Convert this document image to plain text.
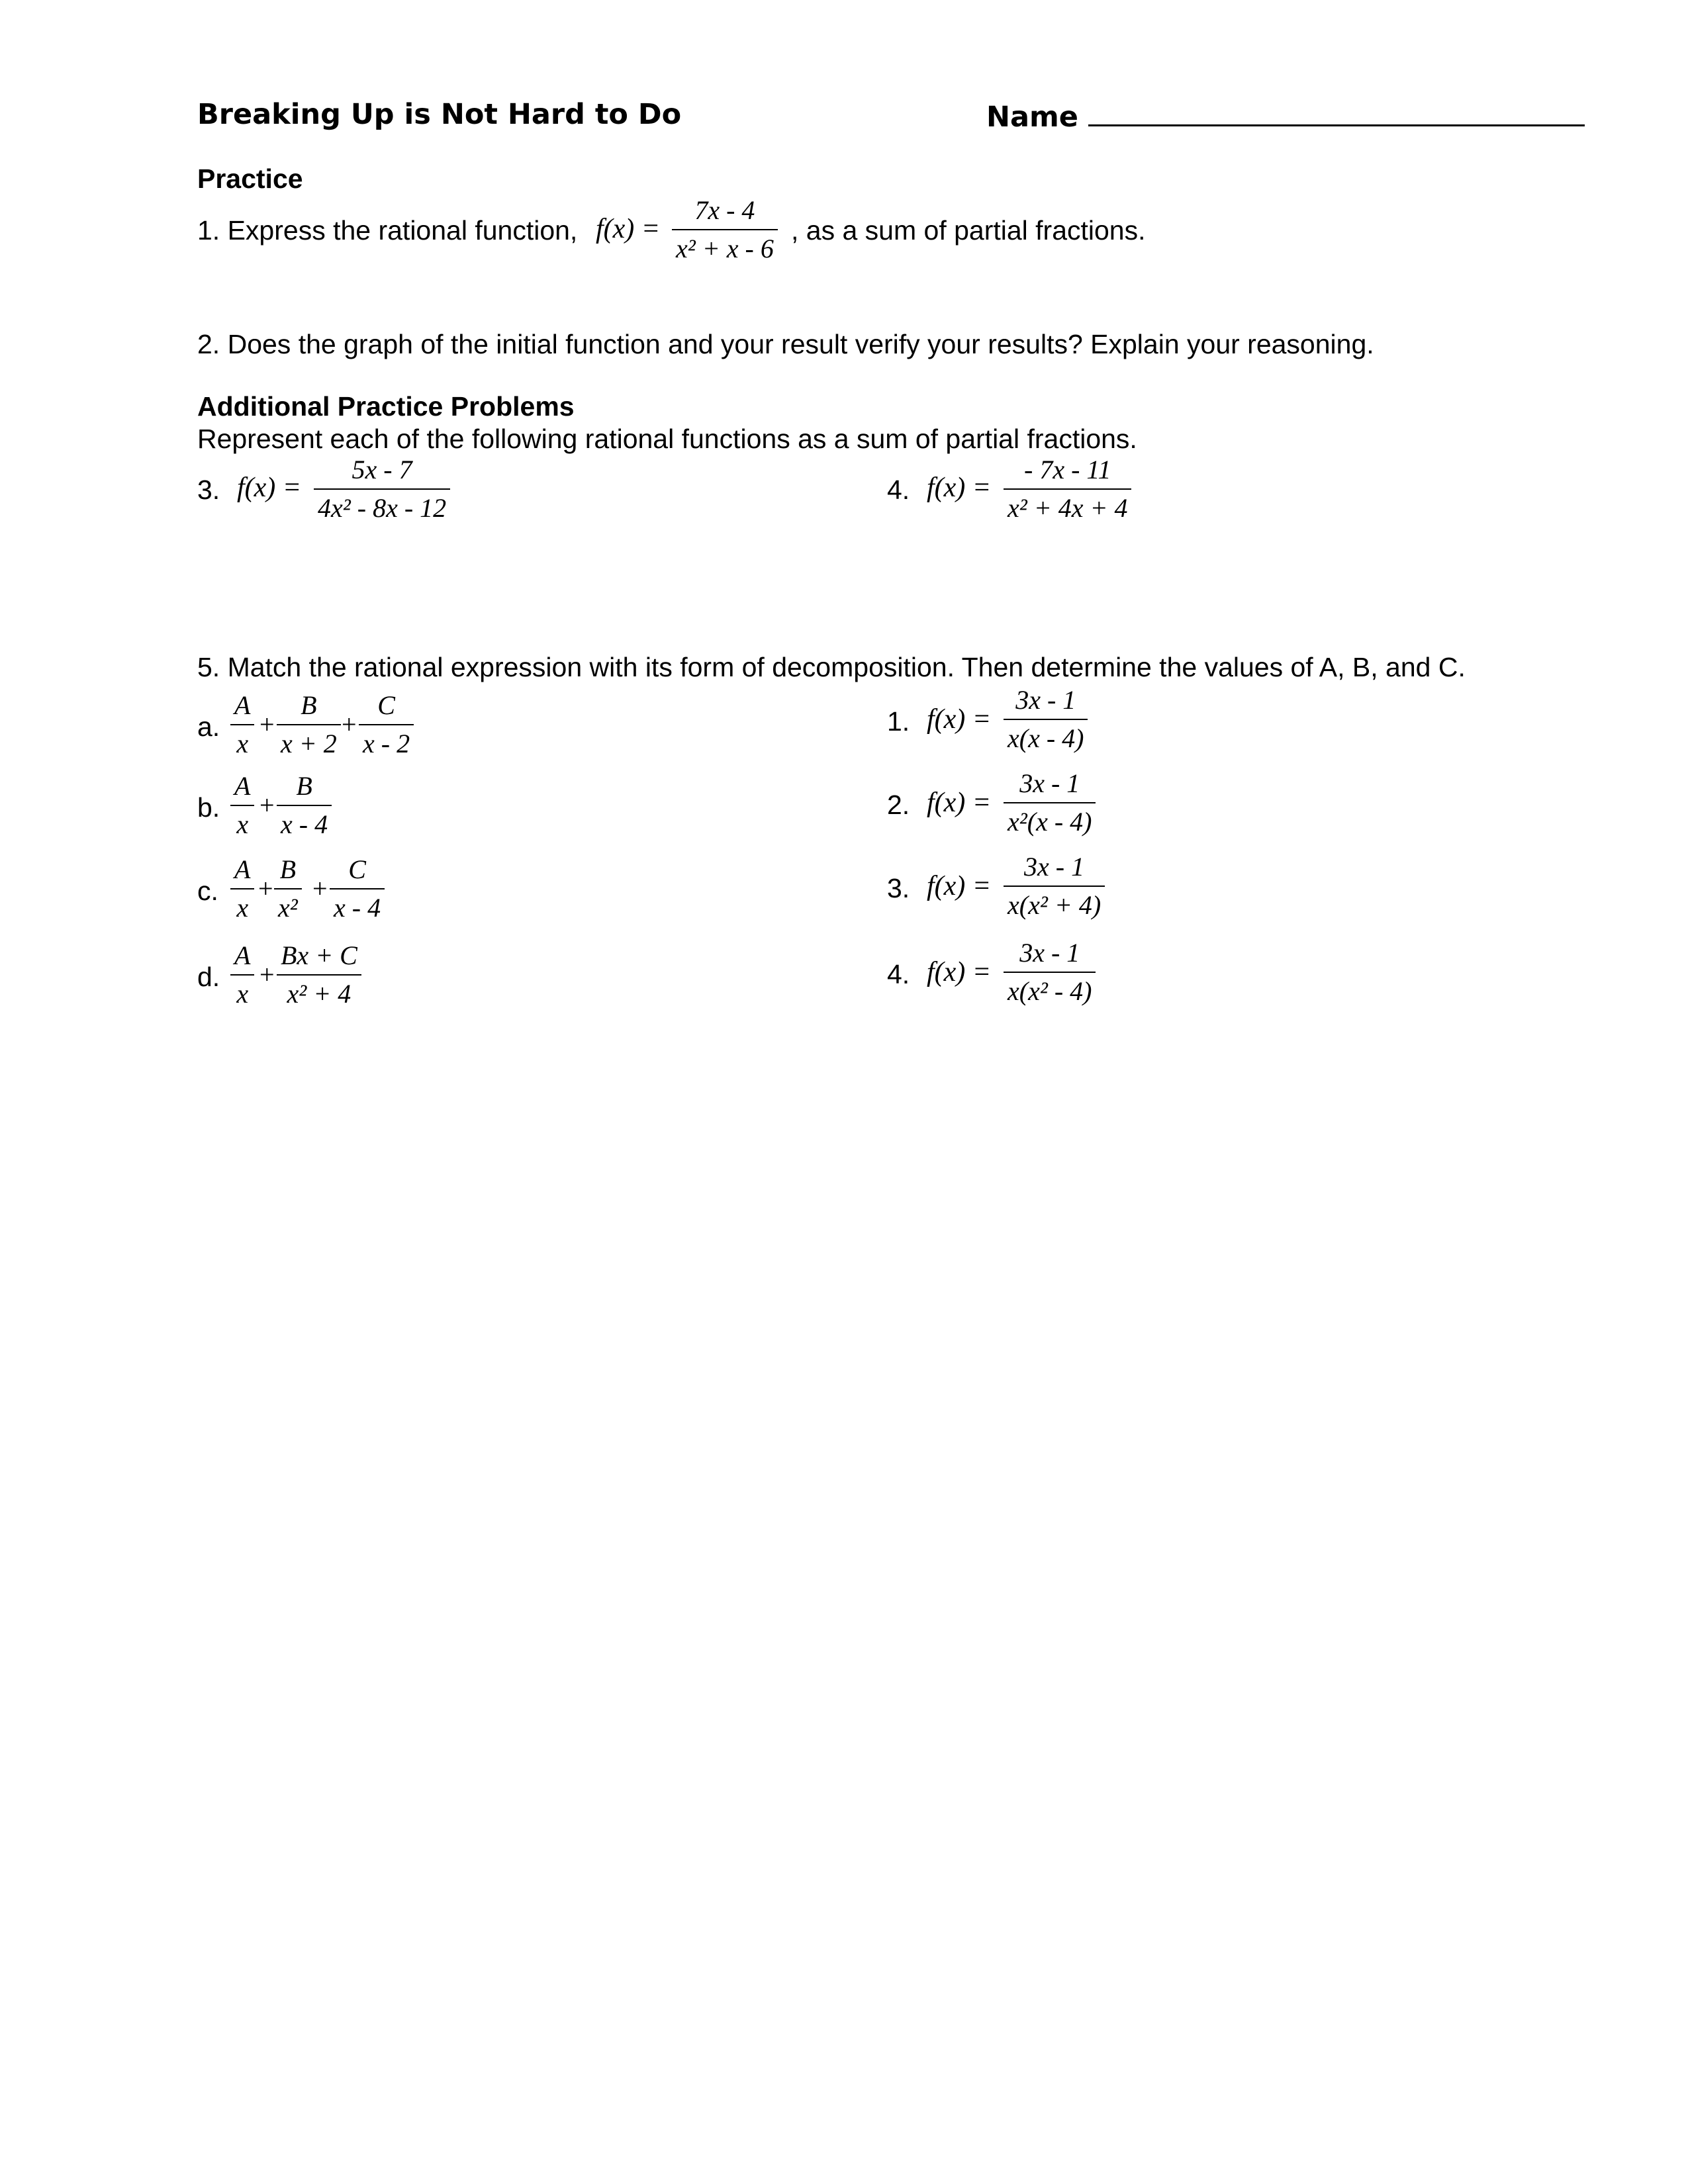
Breaking Up is Not Hard to Do	Name
Practice
1. Express the rational function, $f(x) = \frac{7x - 4}{\text{x² + x - 6}}$ , as a sum of partial fractions.
2. Does the graph of the initial function and your result verify your results? Explain your reasoning.
Additional Practice Problems
Represent each of the following rational functions as a sum of partial fractions.
3. $f(x) = \frac{5x - 7}{\text{4x² - 8x - 12}}$	4. $f(x) = \frac{- 7x - 11}{\text{x² + 4x + 4}}$
5. Match the rational expression with its form of decomposition. Then determine the values of A, B, and C.
a. $\frac{A}{x} + \frac{B}{x + 2} + \frac{C}{x - 2}$
b. $\frac{A}{x} + \frac{B}{x - 4}$
c. $\frac{A}{x} + \frac{B}{\text{x²}} + \frac{C}{x - 4}$
d. $\frac{A}{x} + \frac{Bx + C}{\text{x² + 4}}$
1. $f(x) = \frac{3x - 1}{x(x - 4)}$
2. $f(x) = \frac{3x - 1}{\text{x²(x - 4)}}$
3. $f(x) = \frac{3x - 1}{\text{x(x² + 4)}}$
4. $f(x) = \frac{3x - 1}{\text{x(x² - 4)}}$
